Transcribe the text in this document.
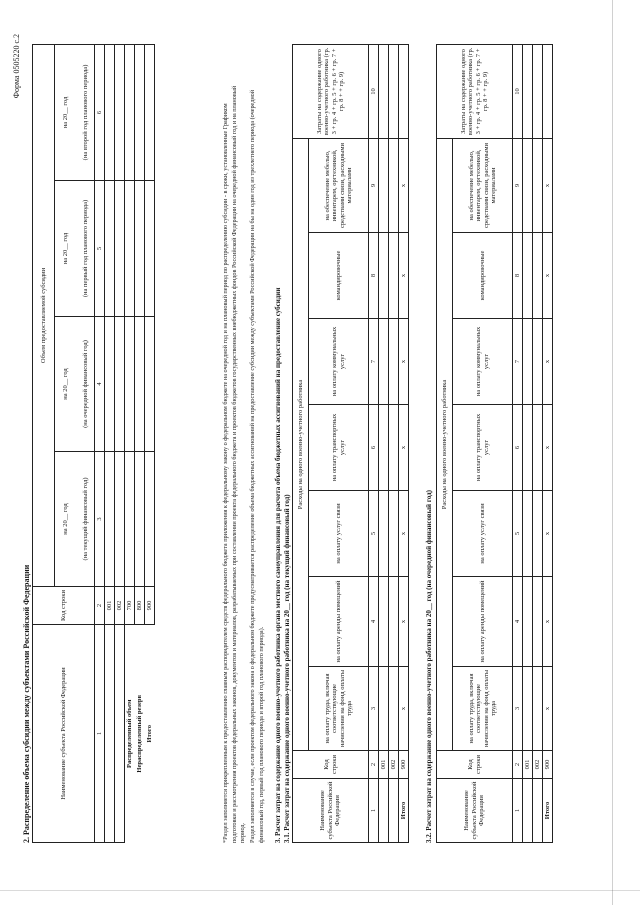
Форма 0505220 с.2
2. Распределение объема субсидии между субъектами Российской Федерации	Наименование субъекта Российской Федерации	Код строки	Объем предоставляемой субсидии			
		на 20__ год	на 20__ год	на 20__ год	на 20__ год
		(на текущий финансовый год)	(на очередной финансовый год)	(на первый год планового периода)	(на второй год планового периода)
1	2	3	4	5	6
	001				
	002				
Распределенный объем	700				
Нераспределенный резерв	800				
Итого	900					*Раздел заполняется прикрепленным к предоставлению главным распорядителем средств федерального бюджета приложения к федеральному закону о федеральном бюджете на очередной год и на плановый период по распределению субсидии - в сроки, установленные Графиком подготовки и рассмотрения проектов федеральных законов, документов и материалов, разрабатываемых при составлении проекта федерального бюджета и проектов бюджетов государственных внебюджетных фондов Российской Федерации на очередной финансовый год и на плановый период. Раздел заполняется в случае, если проектом федерального закона о федеральном бюджете предусматривается распределение объема бюджетных ассигнований на предоставление субсидии между субъектами Российской Федерации на бы на один год из трехлетнего периода (очередной финансовый год, первый год планового периода и второй год планового периода). 3. Расчет затрат на содержание одного военно-учетного работника органа местного самоуправления для расчета объема бюджетных ассигнований на предоставление субсидии 3.1. Расчет затрат на содержание одного военно-учетного работника на 20__ год (на текущий финансовый год)	Наименование субъекта Российской Федерации	Код строки	Расходы на одного военно-учетного работника							Затраты на содержание одного военно-учетного работника (гр. 3 + гр. 4 + гр. 5 + гр. 6 + гр. 7 + гр. 8 + + гр. 9)
		на оплату труда, включая соответствующие начисления на фонд оплаты труда	на оплату аренды помещений	на оплату услуг связи	на оплату транспортных услуг	на оплату коммунальных услуг	командировочные	на обеспечение мебелью, инвентарем, оргтехникой, средствами связи, расходными материалами	
1	2	3	4	5	6	7	8	9	10
	001								
	002								
Итого	900	x	x	x	x	x	x	x	
3.2. Расчет затрат на содержание одного военно-учетного работника на 20__ год (на очередной финансовый год)	Наименование субъекта Российской Федерации	Код строки	Расходы на одного военно-учетного работника							Затраты на содержание одного военно-учетного работника (гр. 3 + гр. 4 + гр. 5 + гр. 6 + гр. 7 + гр. 8 + + гр. 9)
		на оплату труда, включая соответствующие начисления на фонд оплаты труда	на оплату аренды помещений	на оплату услуг связи	на оплату транспортных услуг	на оплату коммунальных услуг	командировочные	на обеспечение мебелью, инвентарем, оргтехникой, средствами связи, расходными материалами	
1	2	3	4	5	6	7	8	9	10
	001								
	002								
Итого	900	x	x	x	x	x	x	x	
